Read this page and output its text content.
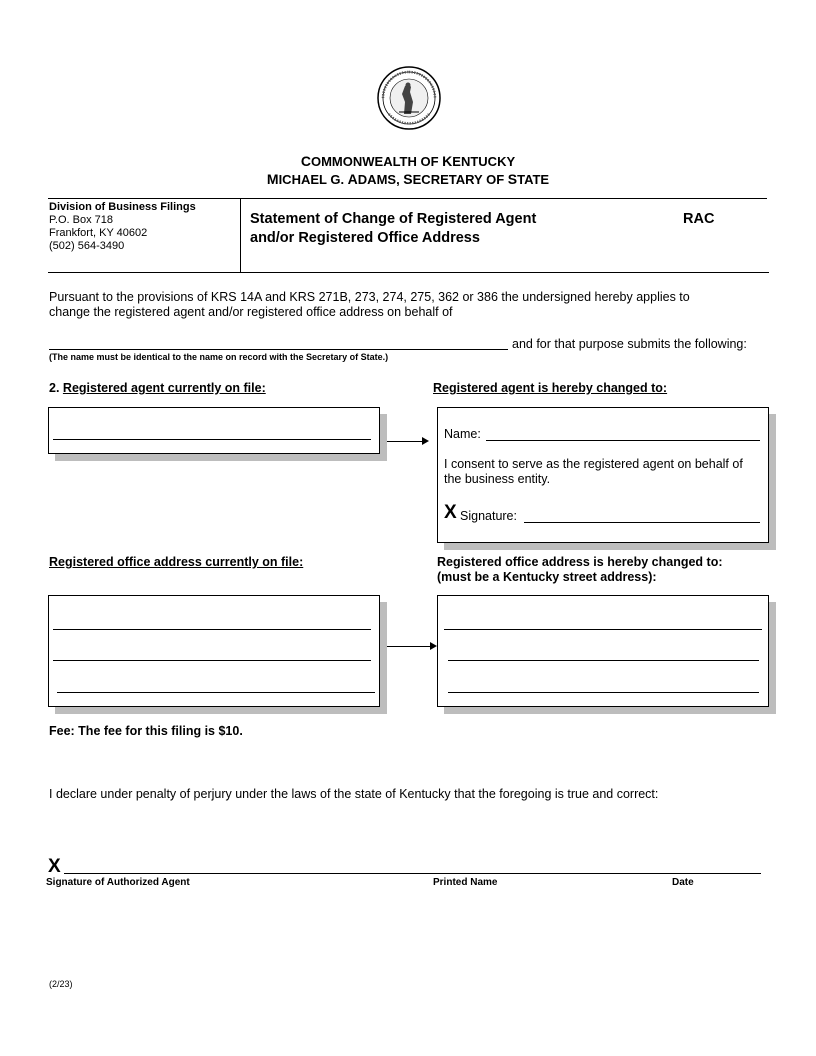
COMMONWEALTH OF KENTUCKY
MICHAEL G. ADAMS, SECRETARY OF STATE
Division of Business Filings
P.O. Box 718
Frankfort, KY 40602
(502) 564-3490
Statement of Change of Registered Agent
and/or Registered Office Address
RAC
Pursuant to the provisions of KRS 14A and KRS 271B, 273, 274, 275, 362 or 386 the undersigned hereby applies to
change the registered agent and/or registered office address on behalf of
and for that purpose submits the following:
(The name must be identical to the name on record with the Secretary of State.)
2. Registered agent currently on file:	Registered agent is hereby changed to:
Name:
I consent to serve as the registered agent on behalf of
the business entity.
X Signature:
Registered office address currently on file:	Registered office address is hereby changed to:
(must be a Kentucky street address):
Fee: The fee for this filing is $10.
I declare under penalty of perjury under the laws of the state of Kentucky that the foregoing is true and correct:
X
Signature of Authorized Agent	Printed Name	Date
(2/23)
